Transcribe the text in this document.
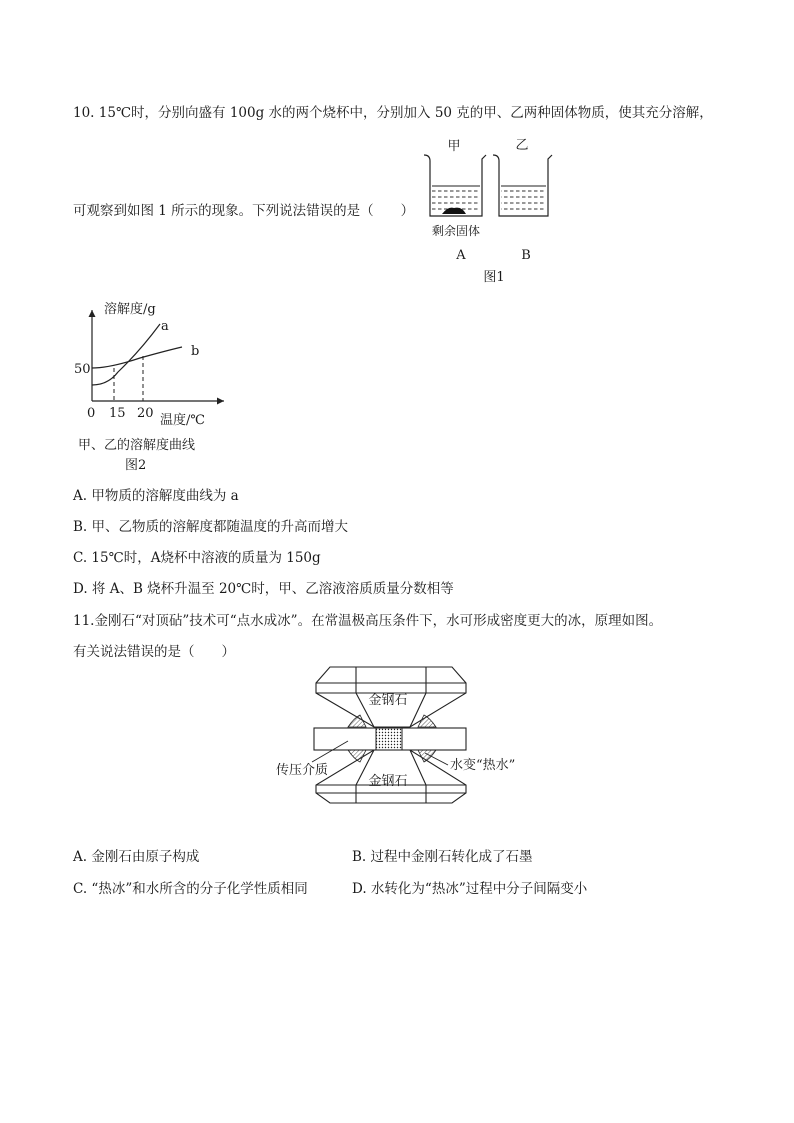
10. 15℃时，分别向盛有 100g 水的两个烧杯中，分别加入 50 克的甲、乙两种固体物质，使其充分溶解，
可观察到如图 1 所示的现象。下列说法错误的是（　　）
甲	乙
剩余固体
A	B
图1
溶解度/g
温度/℃
a
b
50
0 15 20
甲、乙的溶解度曲线
图2
A. 甲物质的溶解度曲线为 a
B. 甲、乙物质的溶解度都随温度的升高而增大
C. 15℃时，A烧杯中溶液的质量为 150g
D. 将 A、B 烧杯升温至 20℃时，甲、乙溶液溶质质量分数相等
11.金刚石“对顶砧”技术可“点水成冰”。在常温极高压条件下，水可形成密度更大的冰，原理如图。
有关说法错误的是（　　）
金钢石
金钢石
传压介质	水变“热水”
A. 金刚石由原子构成	B. 过程中金刚石转化成了石墨
C. “热冰”和水所含的分子化学性质相同	D. 水转化为“热冰”过程中分子间隔变小
